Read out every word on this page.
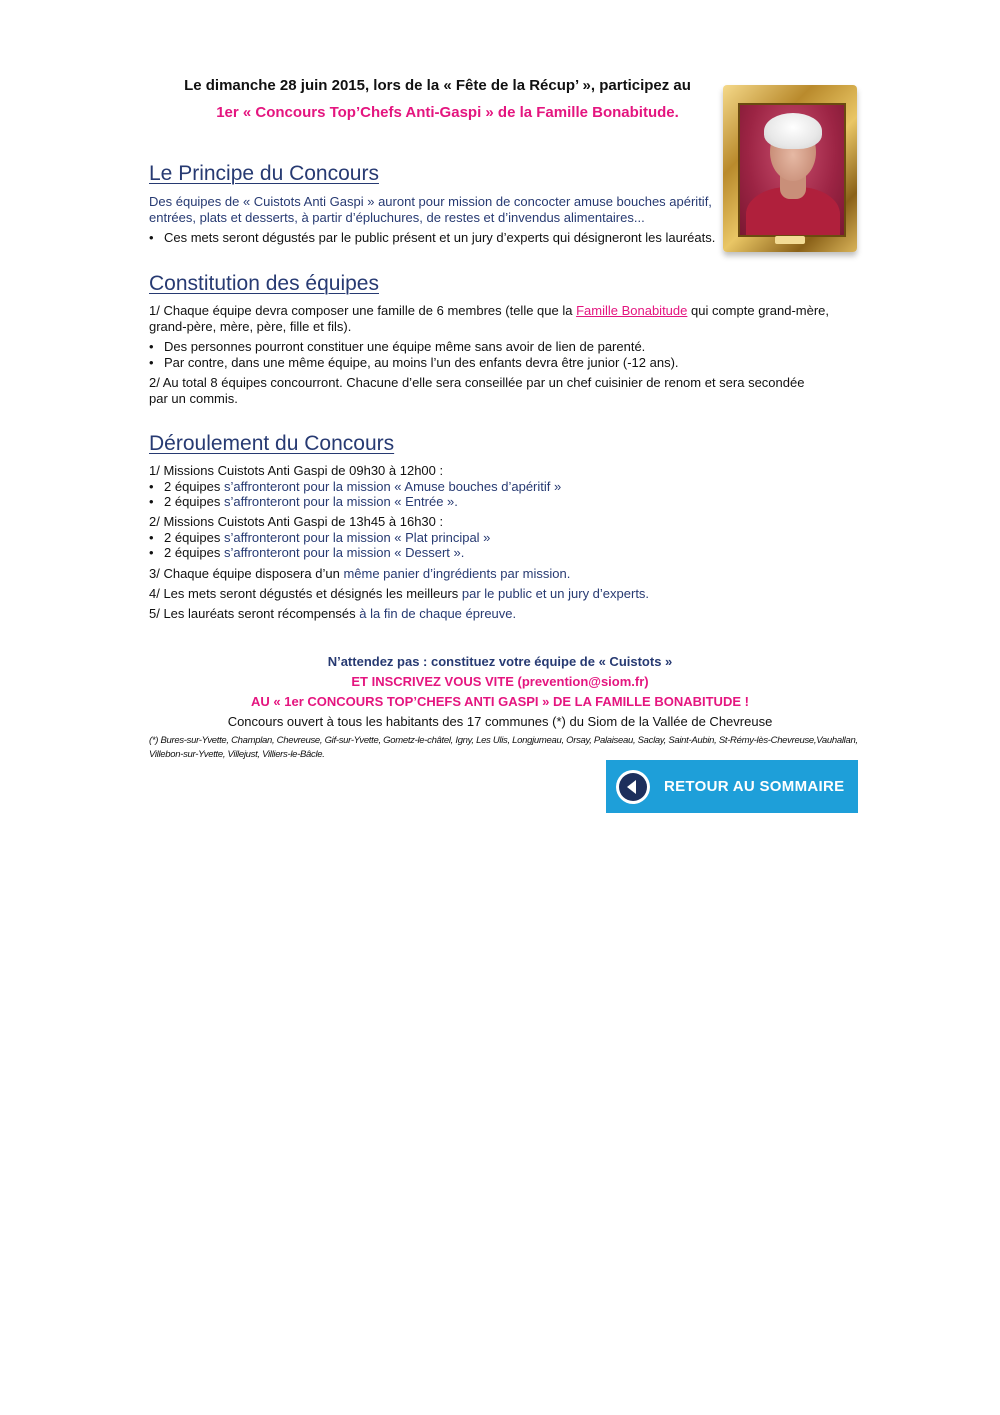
Le dimanche 28 juin 2015, lors de la « Fête de la Récup’ », participez au
1er « Concours Top’Chefs Anti-Gaspi » de la Famille Bonabitude.
Le Principe du Concours
Des équipes de « Cuistots Anti Gaspi » auront pour mission de concocter amuse bouches apéritif,
entrées, plats et desserts, à partir d’épluchures, de restes et d’invendus alimentaires...
• Ces mets seront dégustés par le public présent et un jury d’experts qui désigneront les lauréats.
Constitution des équipes
1/ Chaque équipe devra composer une famille de 6 membres (telle que la Famille Bonabitude qui compte grand-mère,
grand-père, mère, père, fille et fils).
• Des personnes pourront constituer une équipe même sans avoir de lien de parenté.
• Par contre, dans une même équipe, au moins l’un des enfants devra être junior (-12 ans).
2/ Au total 8 équipes concourront. Chacune d’elle sera conseillée par un chef cuisinier de renom et sera secondée
par un commis.
Déroulement du Concours
1/ Missions Cuistots Anti Gaspi de 09h30 à 12h00 :
• 2 équipes s’affronteront pour la mission « Amuse bouches d’apéritif »
• 2 équipes s’affronteront pour la mission « Entrée ».
2/ Missions Cuistots Anti Gaspi de 13h45 à 16h30 :
• 2 équipes s’affronteront pour la mission « Plat principal »
• 2 équipes s’affronteront pour la mission « Dessert ».
3/ Chaque équipe disposera d’un même panier d’ingrédients par mission.
4/ Les mets seront dégustés et désignés les meilleurs par le public et un jury d’experts.
5/ Les lauréats seront récompensés à la fin de chaque épreuve.
N’attendez pas : constituez votre équipe de « Cuistots »
ET INSCRIVEZ VOUS VITE (prevention@siom.fr)
AU « 1er CONCOURS TOP’CHEFS ANTI GASPI » DE LA FAMILLE BONABITUDE !
Concours ouvert à tous les habitants des 17 communes (*) du Siom de la Vallée de Chevreuse
(*) Bures-sur-Yvette, Champlan, Chevreuse, Gif-sur-Yvette, Gometz-le-châtel, Igny, Les Ulis, Longjumeau, Orsay, Palaiseau, Saclay, Saint-Aubin, St-Rémy-lès-Chevreuse,Vauhallan, Villebon-sur-Yvette, Villejust, Villiers-le-Bâcle.
RETOUR AU SOMMAIRE
